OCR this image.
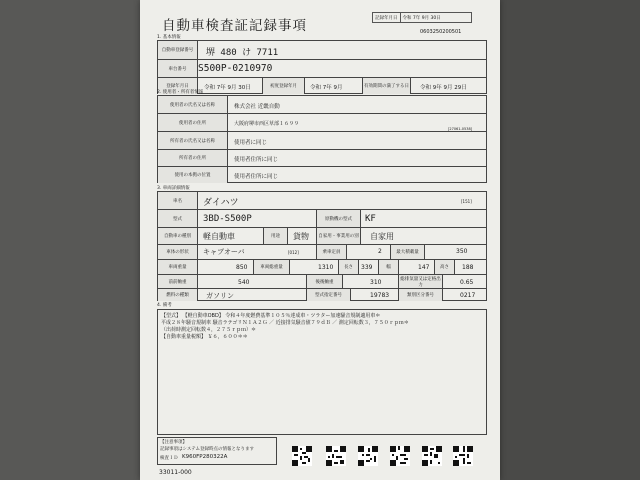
自動車検査証記録事項	記録年月日	令和 7年 9月 30日
0603250200501
1. 基本情報
自動車登録番号	堺 480 け 7711
車台番号	S500P-0210970
登録年月日	令和 7年 9月 30日	初度登録年月	令和 7年 9月	有効期間の満了する日	令和 9年 9月 29日
2. 使用者・所有者情報
使用者の氏名又は名称	株式会社 近畿自動
使用者の住所	大阪府堺市西区草部１６９９
[27061-0538]
所有者の氏名又は名称	使用者に同じ
所有者の住所	使用者住所に同じ
使用の本拠の位置	使用者住所に同じ
3. 車両詳細情報
車名	ダイハツ	[151]
型式	3BD-S500P	原動機の型式	KF
自動車の種別	軽自動車	用途	貨物 自家用・事業用の別 自家用
車体の形状	キャブオーバ	[012]	乗車定員	2	最大積載量	350
車両重量	850	車両総重量	1310	長さ	339	幅	147	高さ	188
前前軸重	540	後後軸重	310	総排気量又は定格出力	0.65
燃料の種類	ガソリン	型式指定番号	19783	類別区分番号	0217
4. 備考
【型式】 【軽自動車OBD】 令和４年度燃費基準１０５％達成車・ツラター加速騒音規制適用車＊
平成２８年騒音規制車 騒音ラテゴリＮ１Ａ２Ｇ ／ 近接排気騒音値７９ｄＢ ／ 測定回転数３，７５０ｒｐｍ＊
（出荷時測定回転数４，２７５ｒｐｍ）＊
【自動車重量税額】 ￥６，６００＊＊
【注意事項】
記録事項はシステム登録時点の情報となります
検査ＩＤ K960FP280322A
33011-000
